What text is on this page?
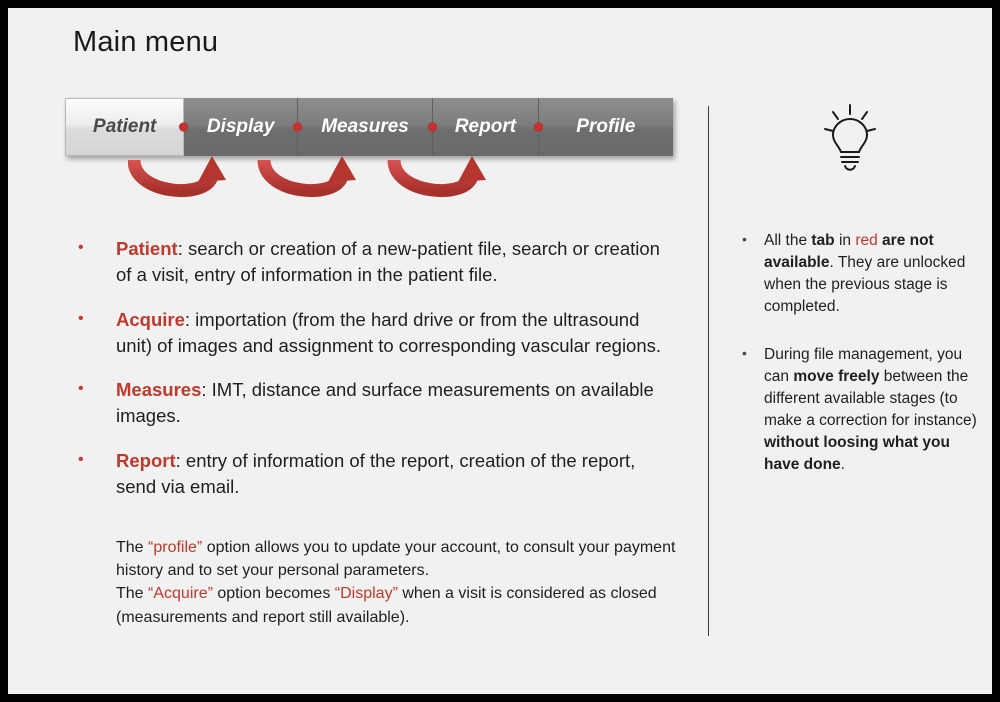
Main menu
Patient	Display Measures Report	Profile
• Patient: search or creation of a new-patient file, search or creation of a visit, entry of information in the patient file.
• Acquire: importation (from the hard drive or from the ultrasound unit) of images and assignment to corresponding vascular regions.
• Measures: IMT, distance and surface measurements on available images.
• Report: entry of information of the report, creation of the report, send via email.
The “profile” option allows you to update your account, to consult your payment history and to set your personal parameters.
The “Acquire” option becomes “Display” when a visit is considered as closed (measurements and report still available).
• All the tab in red are not available. They are unlocked when the previous stage is completed.
• During file management, you can move freely between the different available stages (to make a correction for instance) without loosing what you have done.
